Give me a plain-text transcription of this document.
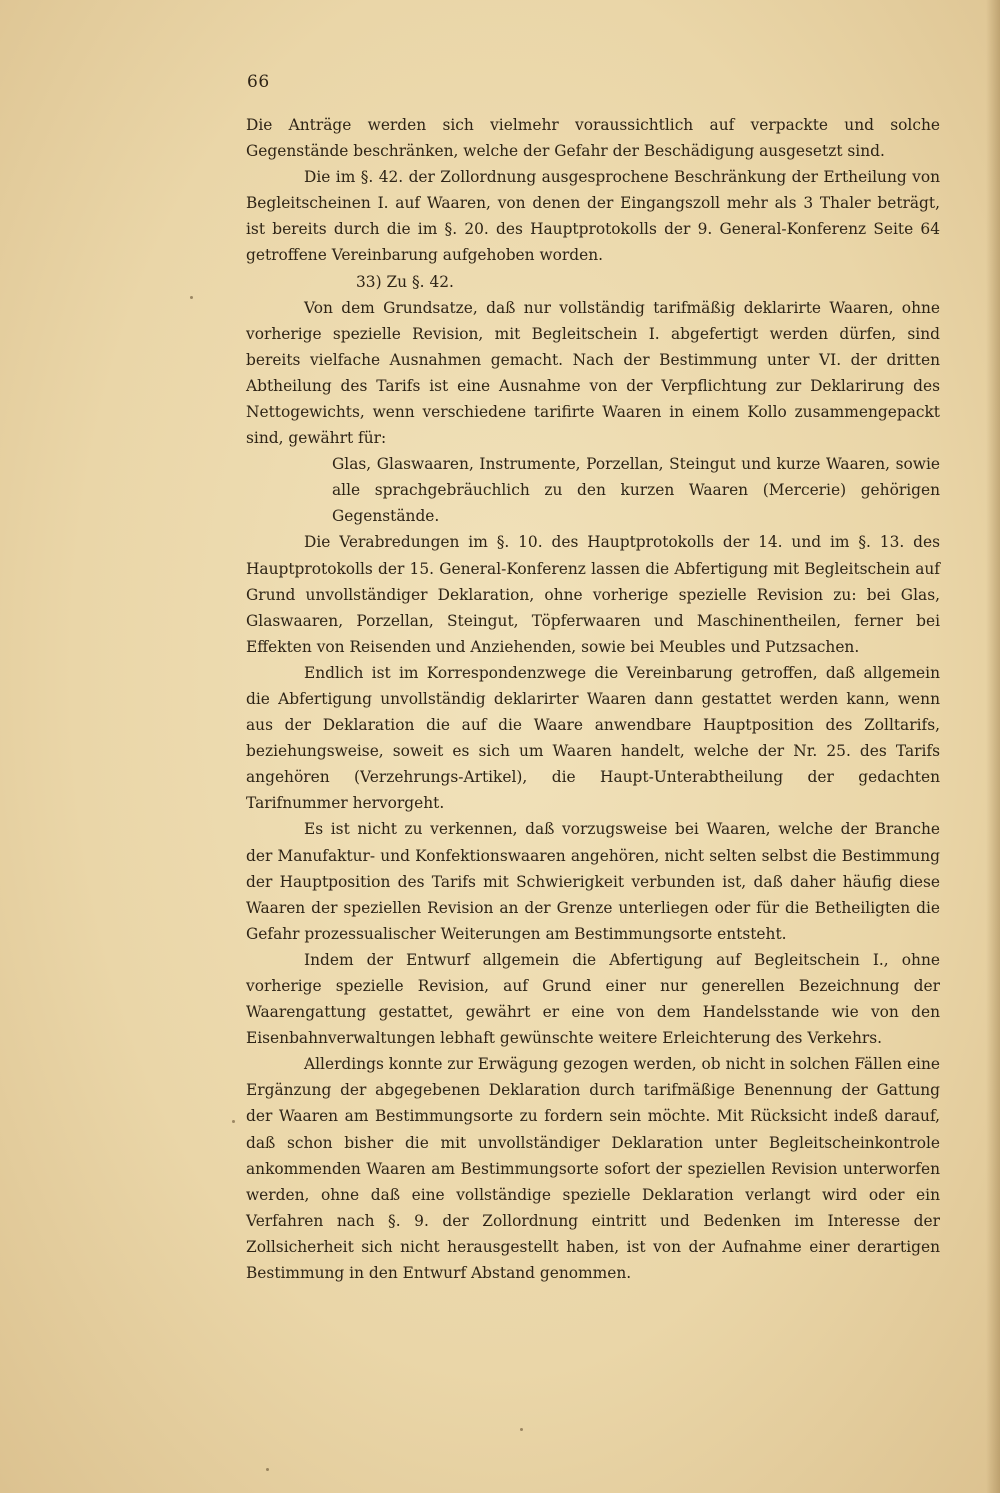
66

Die Anträge werden sich vielmehr voraussichtlich auf verpackte und solche Gegenstände beschränken, welche der Gefahr der Beschädigung ausgesetzt sind.

Die im §. 42. der Zollordnung ausgesprochene Beschränkung der Ertheilung von Begleitscheinen I. auf Waaren, von denen der Eingangszoll mehr als 3 Thaler beträgt, ist bereits durch die im §. 20. des Hauptprotokolls der 9. General-Konferenz Seite 64 getroffene Vereinbarung aufgehoben worden.

33) Zu §. 42.

Von dem Grundsatze, daß nur vollständig tarifmäßig deklarirte Waaren, ohne vorherige spezielle Revision, mit Begleitschein I. abgefertigt werden dürfen, sind bereits vielfache Ausnahmen gemacht. Nach der Bestimmung unter VI. der dritten Abtheilung des Tarifs ist eine Ausnahme von der Verpflichtung zur Deklarirung des Nettogewichts, wenn verschiedene tarifirte Waaren in einem Kollo zusammengepackt sind, gewährt für:

Glas, Glaswaaren, Instrumente, Porzellan, Steingut und kurze Waaren, sowie alle sprachgebräuchlich zu den kurzen Waaren (Mercerie) gehörigen Gegenstände.

Die Verabredungen im §. 10. des Hauptprotokolls der 14. und im §. 13. des Hauptprotokolls der 15. General-Konferenz lassen die Abfertigung mit Begleitschein auf Grund unvollständiger Deklaration, ohne vorherige spezielle Revision zu: bei Glas, Glaswaaren, Porzellan, Steingut, Töpferwaaren und Maschinentheilen, ferner bei Effekten von Reisenden und Anziehenden, sowie bei Meubles und Putzsachen.

Endlich ist im Korrespondenzwege die Vereinbarung getroffen, daß allgemein die Abfertigung unvollständig deklarirter Waaren dann gestattet werden kann, wenn aus der Deklaration die auf die Waare anwendbare Hauptposition des Zolltarifs, beziehungsweise, soweit es sich um Waaren handelt, welche der Nr. 25. des Tarifs angehören (Verzehrungs-Artikel), die Haupt-Unterabtheilung der gedachten Tarifnummer hervorgeht.

Es ist nicht zu verkennen, daß vorzugsweise bei Waaren, welche der Branche der Manufaktur- und Konfektionswaaren angehören, nicht selten selbst die Bestimmung der Hauptposition des Tarifs mit Schwierigkeit verbunden ist, daß daher häufig diese Waaren der speziellen Revision an der Grenze unterliegen oder für die Betheiligten die Gefahr prozessualischer Weiterungen am Bestimmungsorte entsteht.

Indem der Entwurf allgemein die Abfertigung auf Begleitschein I., ohne vorherige spezielle Revision, auf Grund einer nur generellen Bezeichnung der Waarengattung gestattet, gewährt er eine von dem Handelsstande wie von den Eisenbahnverwaltungen lebhaft gewünschte weitere Erleichterung des Verkehrs.

Allerdings konnte zur Erwägung gezogen werden, ob nicht in solchen Fällen eine Ergänzung der abgegebenen Deklaration durch tarifmäßige Benennung der Gattung der Waaren am Bestimmungsorte zu fordern sein möchte. Mit Rücksicht indeß darauf, daß schon bisher die mit unvollständiger Deklaration unter Begleitscheinkontrole ankommenden Waaren am Bestimmungsorte sofort der speziellen Revision unterworfen werden, ohne daß eine vollständige spezielle Deklaration verlangt wird oder ein Verfahren nach §. 9. der Zollordnung eintritt und Bedenken im Interesse der Zollsicherheit sich nicht herausgestellt haben, ist von der Aufnahme einer derartigen Bestimmung in den Entwurf Abstand genommen.
